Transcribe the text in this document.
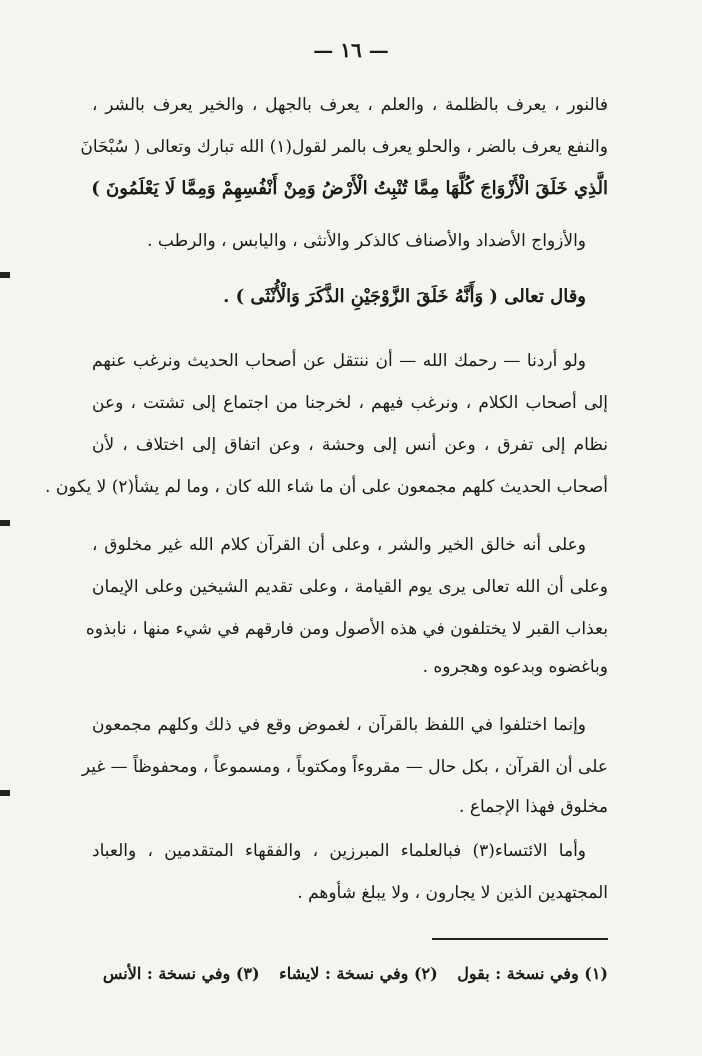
— ١٦ —
فالنور ، يعرف بالظلمة ، والعلم ، يعرف بالجهل ، والخير يعرف بالشر ،
والنفع يعرف بالضر ، والحلو يعرف بالمر لقول(١) الله تبارك وتعالى ( سُبْحَانَ
الَّذِي خَلَقَ الْأَزْوَاجَ كُلَّهَا مِمَّا تُنْبِتُ الْأَرْضُ وَمِنْ أَنْفُسِهِمْ وَمِمَّا لَا يَعْلَمُونَ )
والأزواج الأضداد والأصناف كالذكر والأنثى ، واليابس ، والرطب .
وقال تعالى ( وَأَنَّهُ خَلَقَ الزَّوْجَيْنِ الذَّكَرَ وَالْأُنْثَى ) .
ولو أردنا — رحمك الله — أن ننتقل عن أصحاب الحديث ونرغب عنهم
إلى أصحاب الكلام ، ونرغب فيهم ، لخرجنا من اجتماع إلى تشتت ، وعن
نظام إلى تفرق ، وعن أنس إلى وحشة ، وعن اتفاق إلى اختلاف ، لأن
أصحاب الحديث كلهم مجمعون على أن ما شاء الله كان ، وما لم يشأ(٢) لا يكون .
وعلى أنه خالق الخير والشر ، وعلى أن القرآن كلام الله غير مخلوق ،
وعلى أن الله تعالى يرى يوم القيامة ، وعلى تقديم الشيخين وعلى الإيمان
بعذاب القبر لا يختلفون في هذه الأصول ومن فارقهم في شيء منها ، نابذوه
وباغضوه وبدعوه وهجروه .
وإنما اختلفوا في اللفظ بالقرآن ، لغموض وقع في ذلك وكلهم مجمعون
على أن القرآن ، بكل حال — مقروءاً ومكتوباً ، ومسموعاً ، ومحفوظاً — غير
مخلوق فهذا الإجماع .
وأما الائتساء(٣) فبالعلماء المبرزين ، والفقهاء المتقدمين ، والعباد
المجتهدين الذين لا يجارون ، ولا يبلغ شأوهم .
(١) وفي نسخة : بقول (٢) وفي نسخة : لايشاء (٣) وفي نسخة : الأنس
